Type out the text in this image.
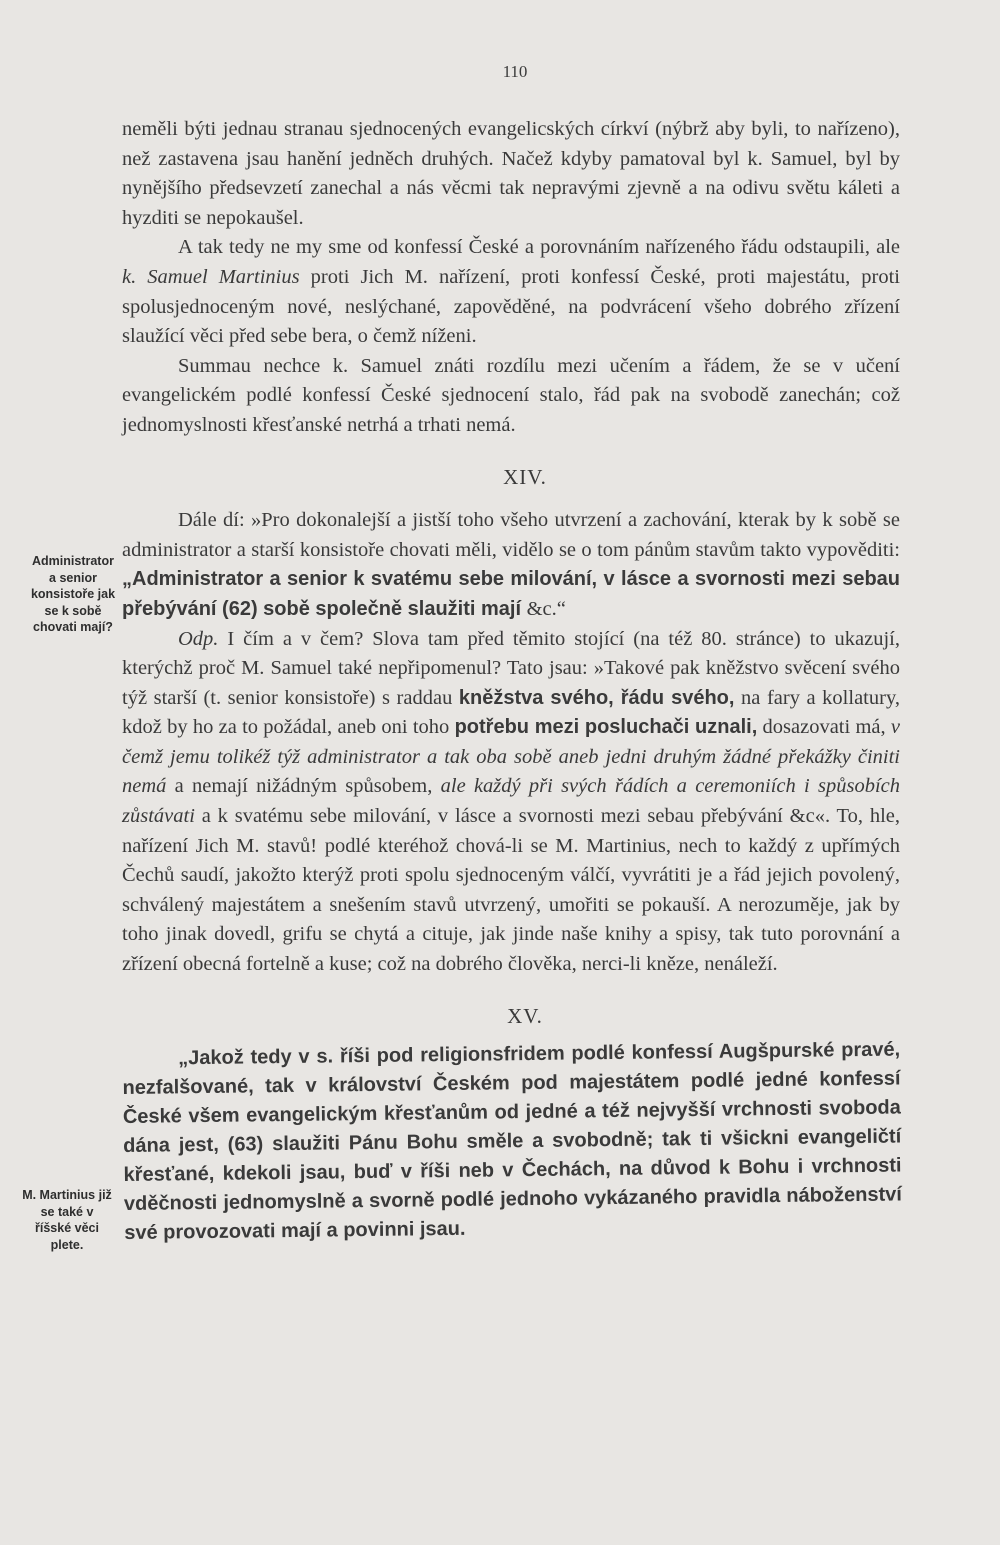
110
Administrator a senior konsistoře jak se k sobě chovati mají?
M. Martinius již se také v říšské věci plete.

neměli býti jednau stranau sjednocených evangelicských církví (nýbrž aby byli, to nařízeno), než zastavena jsau hanění jedněch druhých. Načež kdyby pamatoval byl k. Samuel, byl by nynějšího předsevzetí zanechal a nás věcmi tak nepravými zjevně a na odivu světu káleti a hyzditi se nepokaušel.

A tak tedy ne my sme od konfessí České a porovnáním nařízeného řádu odstaupili, ale k. Samuel Martinius proti Jich M. nařízení, proti konfessí České, proti majestátu, proti spolusjednoceným nové, neslýchané, zapověděné, na podvrácení všeho dobrého zřízení slaužící věci před sebe bera, o čemž níženi.

Summau nechce k. Samuel znáti rozdílu mezi učením a řádem, že se v učení evangelickém podlé konfessí České sjednocení stalo, řád pak na svobodě zanechán; což jednomyslnosti křesťanské netrhá a trhati nemá.

XIV.

Dále dí: »Pro dokonalejší a jistší toho všeho utvrzení a zachování, kterak by k sobě se administrator a starší konsistoře chovati měli, vidělo se o tom pánům stavům takto vypověditi: „Administrator a senior k svatému sebe milování, v lásce a svornosti mezi sebau přebývání (62) sobě společně slaužiti mají &c.“

Odp. I čím a v čem? Slova tam před těmito stojící (na též 80. stránce) to ukazují, kterýchž proč M. Samuel také nepřipomenul? Tato jsau: »Takové pak kněžstvo svěcení svého týž starší (t. senior konsistoře) s raddau kněžstva svého, řádu svého, na fary a kollatury, kdož by ho za to požádal, aneb oni toho potřebu mezi posluchači uznali, dosazovati má, v čemž jemu tolikéž týž administrator a tak oba sobě aneb jedni druhým žádné překážky činiti nemá a nemají nižádným spůsobem, ale každý při svých řádích a ceremoniích i spůsobích zůstávati a k svatému sebe milování, v lásce a svornosti mezi sebau přebývání &c«. To, hle, nařízení Jich M. stavů! podlé kteréhož chová-li se M. Martinius, nech to každý z upřímých Čechů saudí, jakožto kterýž proti spolu sjednoceným válčí, vyvrátiti je a řád jejich povolený, schválený majestátem a snešením stavů utvrzený, umořiti se pokauší. A nerozuměje, jak by toho jinak dovedl, grifu se chytá a cituje, jak jinde naše knihy a spisy, tak tuto porovnání a zřízení obecná fortelně a kuse; což na dobrého člověka, nerci-li kněze, nenáleží.

XV.

„Jakož tedy v s. říši pod religionsfridem podlé konfessí Augšpurské pravé, nezfalšované, tak v království Českém pod majestátem podlé jedné konfessí České všem evangelickým křesťanům od jedné a též nejvyšší vrchnosti svoboda dána jest, (63) slaužiti Pánu Bohu směle a svobodně; tak ti všickni evangeličtí křesťané, kdekoli jsau, buď v říši neb v Čechách, na důvod k Bohu i vrchnosti vděčnosti jednomyslně a svorně podlé jednoho vykázaného pravidla náboženství své provozovati mají a povinni jsau.
